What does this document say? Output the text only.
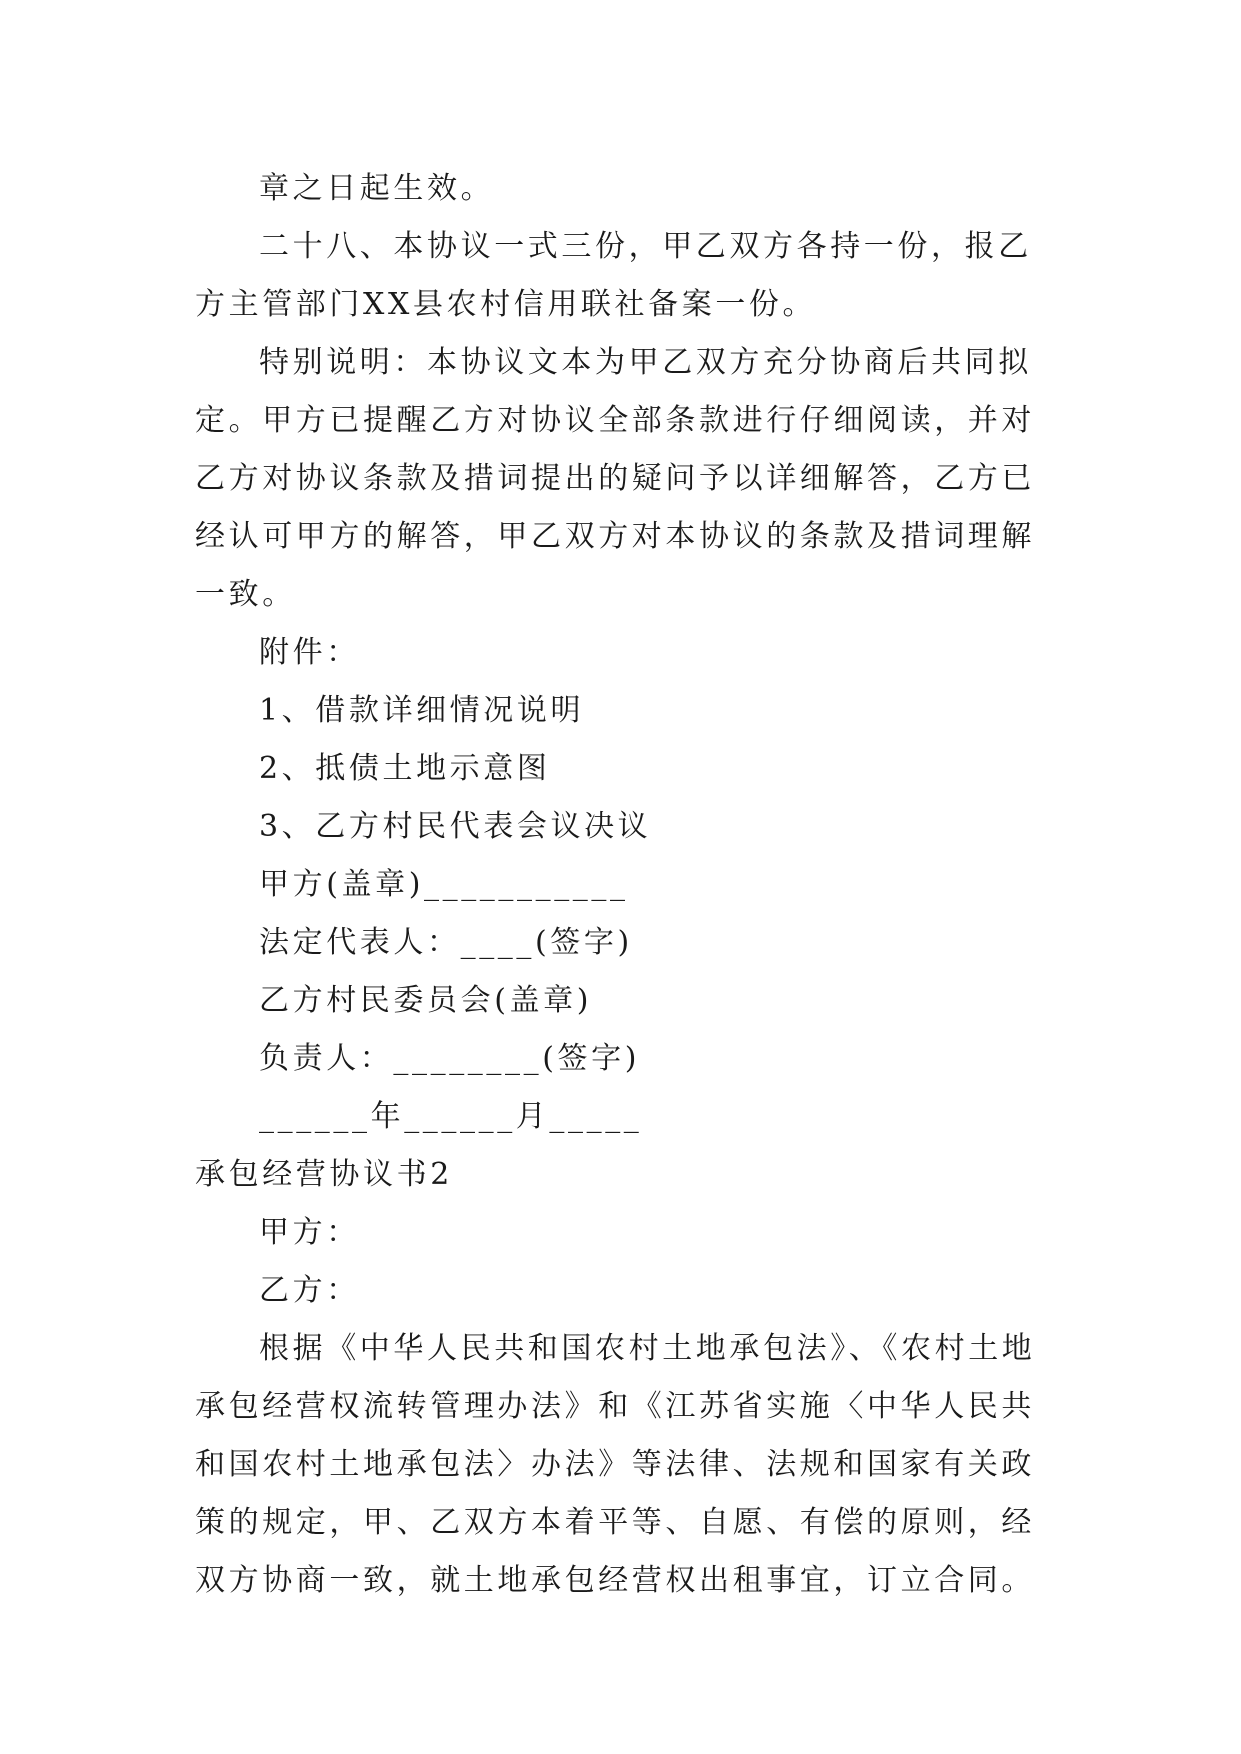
章之日起生效。

二十八、本协议一式三份，甲乙双方各持一份，报乙方主管部门XX县农村信用联社备案一份。

特别说明：本协议文本为甲乙双方充分协商后共同拟定。甲方已提醒乙方对协议全部条款进行仔细阅读，并对乙方对协议条款及措词提出的疑问予以详细解答，乙方已经认可甲方的解答，甲乙双方对本协议的条款及措词理解一致。

附件：

1、借款详细情况说明

2、抵债土地示意图

3、乙方村民代表会议决议

甲方(盖章)___________

法定代表人：____(签字)

乙方村民委员会(盖章)

负责人：________(签字)

______年______月_____

承包经营协议书2

甲方：

乙方：

根据《中华人民共和国农村土地承包法》、《农村土地承包经营权流转管理办法》和《江苏省实施〈中华人民共和国农村土地承包法〉办法》等法律、法规和国家有关政策的规定，甲、乙双方本着平等、自愿、有偿的原则，经双方协商一致，就土地承包经营权出租事宜，订立合同。
